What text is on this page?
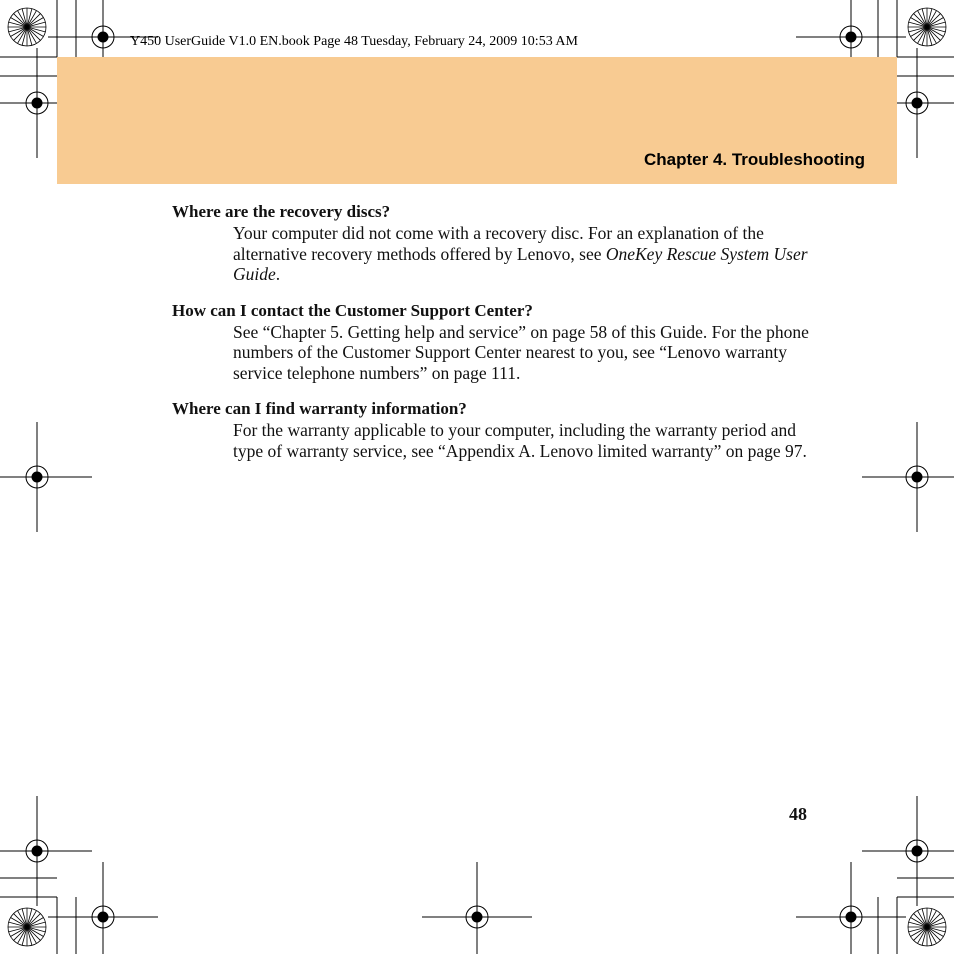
Y450 UserGuide V1.0 EN.book Page 48 Tuesday, February 24, 2009 10:53 AM
Chapter 4. Troubleshooting

Where are the recovery discs?

Your computer did not come with a recovery disc. For an explanation of the alternative recovery methods offered by Lenovo, see OneKey Rescue System User Guide.

How can I contact the Customer Support Center?

See “Chapter 5. Getting help and service” on page 58 of this Guide. For the phone numbers of the Customer Support Center nearest to you, see “Lenovo warranty service telephone numbers” on page 111.

Where can I find warranty information?

For the warranty applicable to your computer, including the warranty period and type of warranty service, see “Appendix A. Lenovo limited warranty” on page 97.

48
